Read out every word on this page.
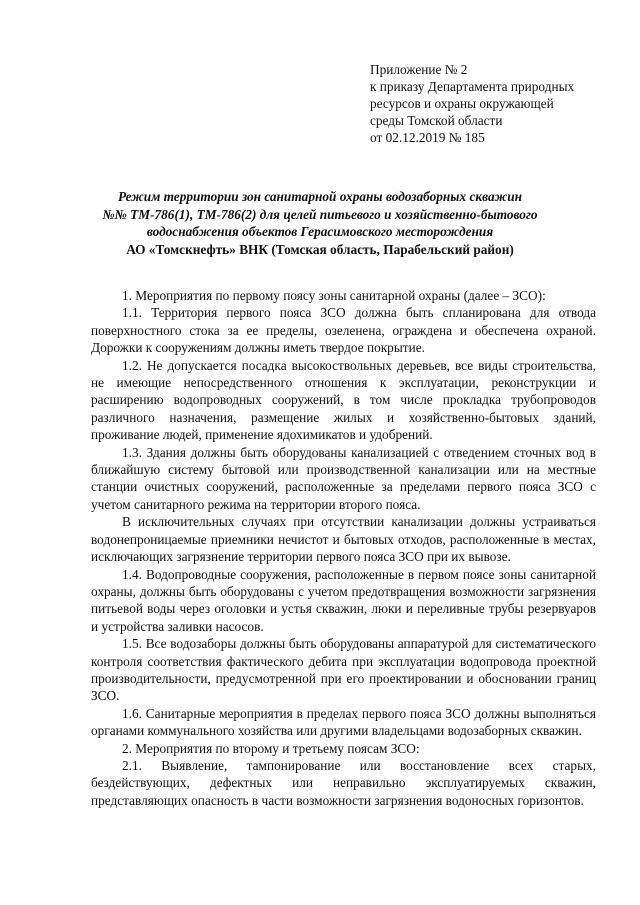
Приложение № 2
к приказу Департамента природных
ресурсов и охраны окружающей
среды Томской области
от 02.12.2019 № 185
Режим территории зон санитарной охраны водозаборных скважин
№№ ТМ-786(1), ТМ-786(2) для целей питьевого и хозяйственно-бытового
водоснабжения объектов Герасимовского месторождения
АО «Томскнефть» ВНК (Томская область, Парабельский район)

1. Мероприятия по первому поясу зоны санитарной охраны (далее – ЗСО):

1.1. Территория первого пояса ЗСО должна быть спланирована для отвода поверхностного стока за ее пределы, озеленена, ограждена и обеспечена охраной. Дорожки к сооружениям должны иметь твердое покрытие.

1.2. Не допускается посадка высокоствольных деревьев, все виды строительства, не имеющие непосредственного отношения к эксплуатации, реконструкции и расширению водопроводных сооружений, в том числе прокладка трубопроводов различного назначения, размещение жилых и хозяйственно-бытовых зданий, проживание людей, применение ядохимикатов и удобрений.

1.3. Здания должны быть оборудованы канализацией с отведением сточных вод в ближайшую систему бытовой или производственной канализации или на местные станции очистных сооружений, расположенные за пределами первого пояса ЗСО с учетом санитарного режима на территории второго пояса.

В исключительных случаях при отсутствии канализации должны устраиваться водонепроницаемые приемники нечистот и бытовых отходов, расположенные в местах, исключающих загрязнение территории первого пояса ЗСО при их вывозе.

1.4. Водопроводные сооружения, расположенные в первом поясе зоны санитарной охраны, должны быть оборудованы с учетом предотвращения возможности загрязнения питьевой воды через оголовки и устья скважин, люки и переливные трубы резервуаров и устройства заливки насосов.

1.5. Все водозаборы должны быть оборудованы аппаратурой для систематического контроля соответствия фактического дебита при эксплуатации водопровода проектной производительности, предусмотренной при его проектировании и обосновании границ ЗСО.

1.6. Санитарные мероприятия в пределах первого пояса ЗСО должны выполняться органами коммунального хозяйства или другими владельцами водозаборных скважин.

2. Мероприятия по второму и третьему поясам ЗСО:

2.1. Выявление, тампонирование или восстановление всех старых, бездействующих, дефектных или неправильно эксплуатируемых скважин, представляющих опасность в части возможности загрязнения водоносных горизонтов.
